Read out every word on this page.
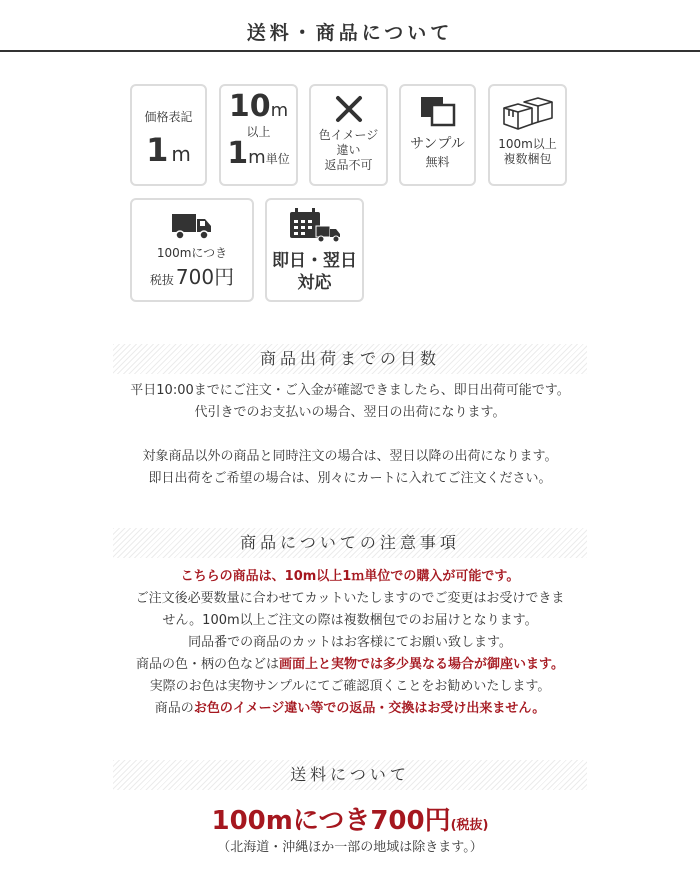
送料・商品について
価格表記
1 m
10m
以上
1m単位
色イメージ
違い
返品不可
サンプル
無料
100m以上
複数梱包
100mにつき
税抜 700円
即日・翌日
対応
商品出荷までの日数
平日10:00までにご注文・ご入金が確認できましたら、即日出荷可能です。
代引きでのお支払いの場合、翌日の出荷になります。
対象商品以外の商品と同時注文の場合は、翌日以降の出荷になります。
即日出荷をご希望の場合は、別々にカートに入れてご注文ください。
商品についての注意事項
こちらの商品は、10m以上1ｍ単位での購入が可能です。
ご注文後必要数量に合わせてカットいたしますのでご変更はお受けできま
せん。100m以上ご注文の際は複数梱包でのお届けとなります。
同品番での商品のカットはお客様にてお願い致します。
商品の色・柄の色などは画面上と実物では多少異なる場合が御座います。
実際のお色は実物サンプルにてご確認頂くことをお勧めいたします。
商品のお色のイメージ違い等での返品・交換はお受け出来ません。
送料について
100mにつき700円(税抜)
（北海道・沖縄ほか一部の地域は除きます。）
